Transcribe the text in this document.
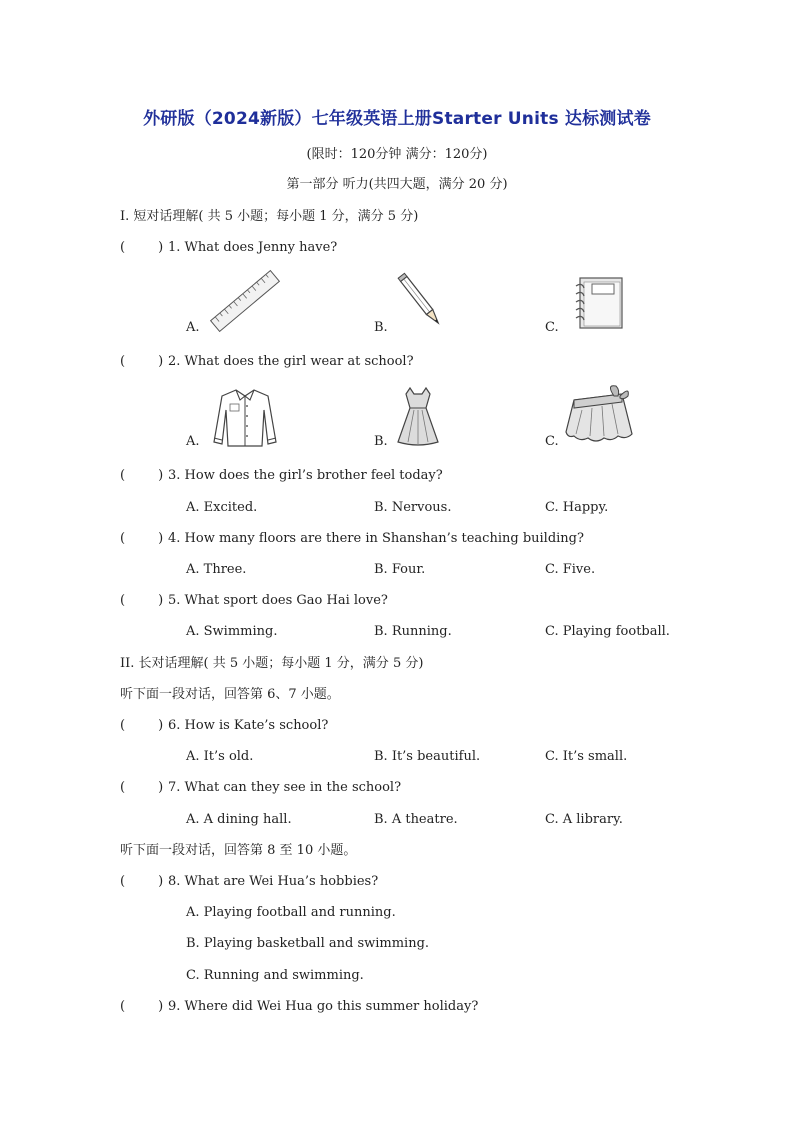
外研版（2024新版）七年级英语上册Starter Units 达标测试卷
(限时：120分钟 满分：120分)
第一部分 听力(共四大题，满分 20 分)
I. 短对话理解( 共 5 小题；每小题 1 分，满分 5 分)
(        ) 1. What does Jenny have?
A.	B.	C.
(        ) 2. What does the girl wear at school?
A.	B.	C.
(        ) 3. How does the girl’s brother feel today?
A. Excited.	B. Nervous.	C. Happy.
(        ) 4. How many floors are there in Shanshan’s teaching building?
A. Three.	B. Four.	C. Five.
(        ) 5. What sport does Gao Hai love?
A. Swimming.	B. Running.	C. Playing football.
II. 长对话理解( 共 5 小题；每小题 1 分，满分 5 分)
听下面一段对话，回答第 6、7 小题。
(        ) 6. How is Kate’s school?
A. It’s old.	B. It’s beautiful.	C. It’s small.
(        ) 7. What can they see in the school?
A. A dining hall.	B. A theatre.	C. A library.
听下面一段对话，回答第 8 至 10 小题。
(        ) 8. What are Wei Hua’s hobbies?
A. Playing football and running.
B. Playing basketball and swimming.
C. Running and swimming.
(        ) 9. Where did Wei Hua go this summer holiday?
